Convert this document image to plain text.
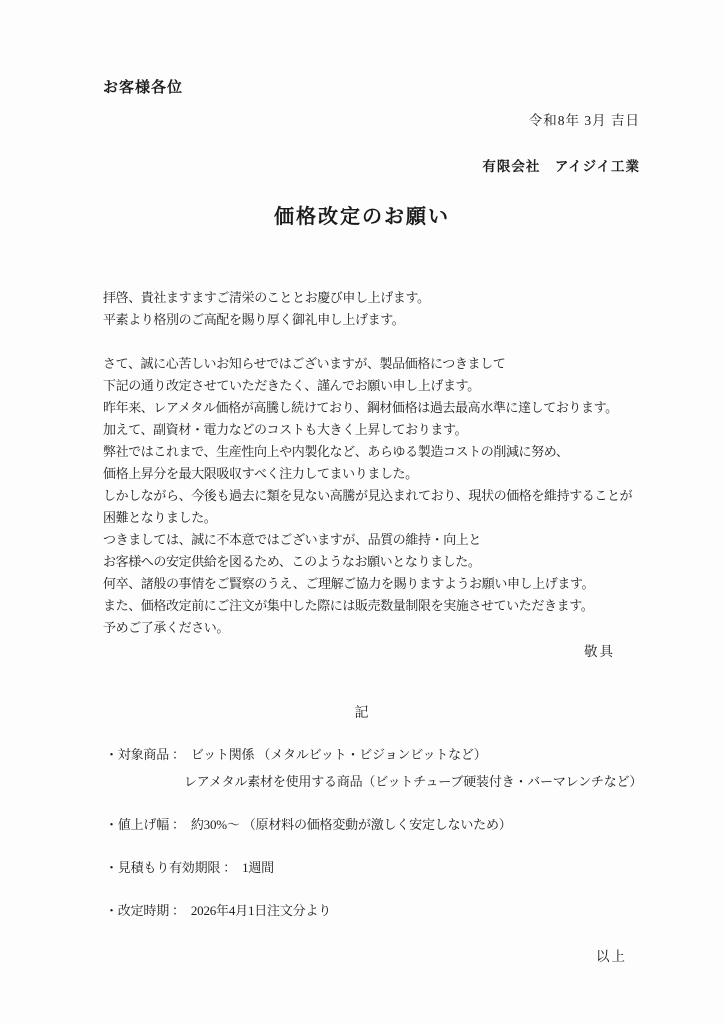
お客様各位
令和8年 3月 吉日
有限会社　アイジイ工業
価格改定のお願い
拝啓、貴社ますますご清栄のこととお慶び申し上げます。
平素より格別のご高配を賜り厚く御礼申し上げます。
さて、誠に心苦しいお知らせではございますが、製品価格につきまして
下記の通り改定させていただきたく、謹んでお願い申し上げます。
昨年来、レアメタル価格が高騰し続けており、鋼材価格は過去最高水準に達しております。
加えて、副資材・電力などのコストも大きく上昇しております。
弊社ではこれまで、生産性向上や内製化など、あらゆる製造コストの削減に努め、
価格上昇分を最大限吸収すべく注力してまいりました。
しかしながら、今後も過去に類を見ない高騰が見込まれており、現状の価格を維持することが
困難となりました。
つきましては、誠に不本意ではございますが、品質の維持・向上と
お客様への安定供給を図るため、このようなお願いとなりました。
何卒、諸般の事情をご賢察のうえ、ご理解ご協力を賜りますようお願い申し上げます。
また、価格改定前にご注文が集中した際には販売数量制限を実施させていただきます。
予めご了承ください。
敬具
記
・対象商品 ： ビット関係 （メタルビット・ビジョンビットなど）
レアメタル素材を使用する商品（ビットチューブ硬装付き・バーマレンチなど）
・値上げ幅 ： 約30%～ （原材料の価格変動が激しく安定しないため）
・見積もり有効期限 ： 1週間
・改定時期 ： 2026年4月1日注文分より
以上
